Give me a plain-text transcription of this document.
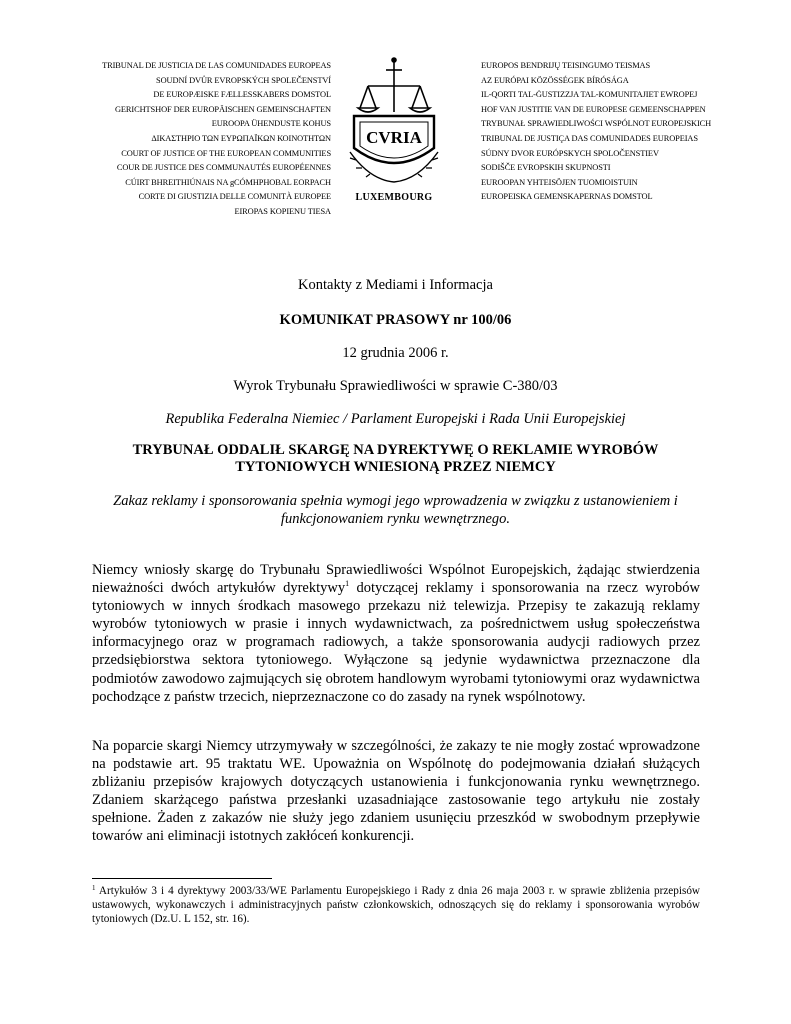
TRIBUNAL DE JUSTICIA DE LAS COMUNIDADES EUROPEAS
SOUDNÍ DVŮR EVROPSKÝCH SPOLEČENSTVÍ
DE EUROPÆISKE FÆLLESSKABERS DOMSTOL
GERICHTSHOF DER EUROPÄISCHEN GEMEINSCHAFTEN
EUROOPA ÜHENDUSTE KOHUS
ΔΙΚΑΣΤΗΡΙΟ ΤΩΝ ΕΥΡΩΠΑΪΚΩΝ ΚΟΙΝΟΤΗΤΩΝ
COURT OF JUSTICE OF THE EUROPEAN COMMUNITIES
COUR DE JUSTICE DES COMMUNAUTÉS EUROPÉENNES
CÚIRT BHREITHIÚNAIS NA gCÓMHPHOBAL EORPACH
CORTE DI GIUSTIZIA DELLE COMUNITÀ EUROPEE
EIROPAS KOPIENU TIESA
CVRIA
LUXEMBOURG
EUROPOS BENDRIJŲ TEISINGUMO TEISMAS
AZ EURÓPAI KÖZÖSSÉGEK BÍRÓSÁGA
IL-QORTI TAL-ĠUSTIZZJA TAL-KOMUNITAJIET EWROPEJ
HOF VAN JUSTITIE VAN DE EUROPESE GEMEENSCHAPPEN
TRYBUNAŁ SPRAWIEDLIWOŚCI WSPÓLNOT EUROPEJSKICH
TRIBUNAL DE JUSTIÇA DAS COMUNIDADES EUROPEIAS
SÚDNY DVOR EURÓPSKYCH SPOLOČENSTIEV
SODIŠČE EVROPSKIH SKUPNOSTI
EUROOPAN YHTEISÖJEN TUOMIOISTUIN
EUROPEISKA GEMENSKAPERNAS DOMSTOL
Kontakty z Mediami i Informacja
KOMUNIKAT PRASOWY nr 100/06
12 grudnia 2006 r.
Wyrok Trybunału Sprawiedliwości w sprawie C-380/03
Republika Federalna Niemiec / Parlament Europejski i Rada Unii Europejskiej
TRYBUNAŁ ODDALIŁ SKARGĘ NA DYREKTYWĘ O REKLAMIE WYROBÓW
TYTONIOWYCH WNIESIONĄ PRZEZ NIEMCY
Zakaz reklamy i sponsorowania spełnia wymogi jego wprowadzenia w związku z ustanowieniem i
funkcjonowaniem rynku wewnętrznego.
Niemcy wniosły skargę do Trybunału Sprawiedliwości Wspólnot Europejskich, żądając stwierdzenia nieważności dwóch artykułów dyrektywy$^1$ dotyczącej reklamy i sponsorowania na rzecz wyrobów tytoniowych w innych środkach masowego przekazu niż telewizja. Przepisy te zakazują reklamy wyrobów tytoniowych w prasie i innych wydawnictwach, za pośrednictwem usług społeczeństwa informacyjnego oraz w programach radiowych, a także sponsorowania audycji radiowych przez przedsiębiorstwa sektora tytoniowego. Wyłączone są jedynie wydawnictwa przeznaczone dla podmiotów zawodowo zajmujących się obrotem handlowym wyrobami tytoniowymi oraz wydawnictwa pochodzące z państw trzecich, nieprzeznaczone co do zasady na rynek wspólnotowy.
Na poparcie skargi Niemcy utrzymywały w szczególności, że zakazy te nie mogły zostać wprowadzone na podstawie art. 95 traktatu WE. Upoważnia on Wspólnotę do podejmowania działań służących zbliżaniu przepisów krajowych dotyczących ustanowienia i funkcjonowania rynku wewnętrznego. Zdaniem skarżącego państwa przesłanki uzasadniające zastosowanie tego artykułu nie zostały spełnione. Żaden z zakazów nie służy jego zdaniem usunięciu przeszkód w swobodnym przepływie towarów ani eliminacji istotnych zakłóceń konkurencji.
$^1$ Artykułów 3 i 4 dyrektywy 2003/33/WE Parlamentu Europejskiego i Rady z dnia 26 maja 2003 r. w sprawie zbliżenia przepisów ustawowych, wykonawczych i administracyjnych państw członkowskich, odnoszących się do reklamy i sponsorowania wyrobów tytoniowych (Dz.U. L 152, str. 16).
